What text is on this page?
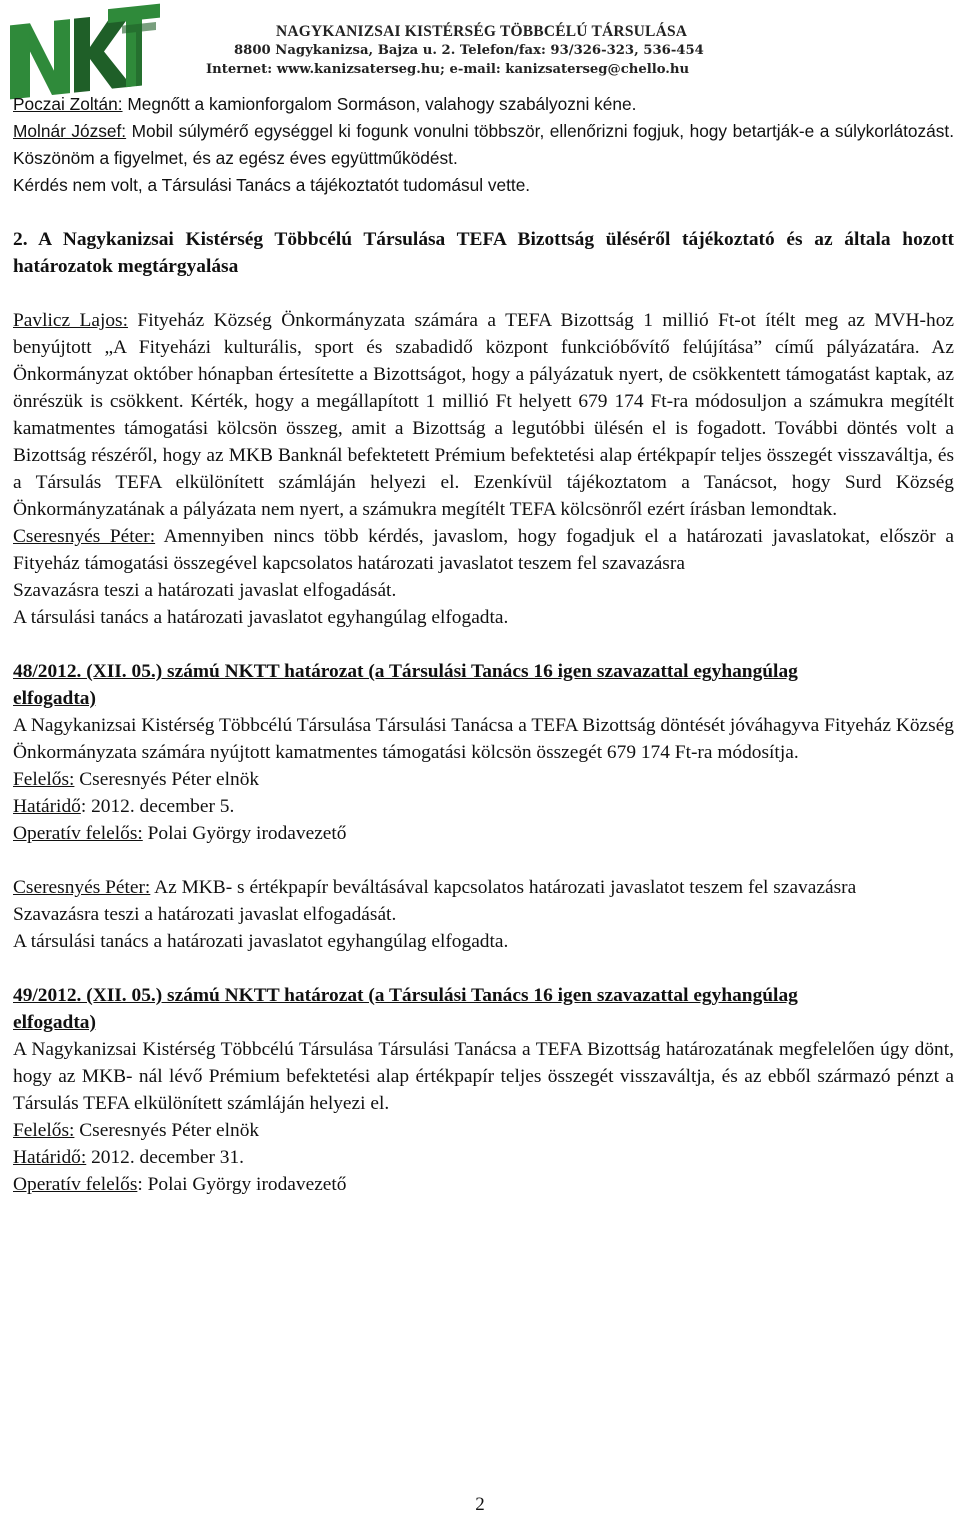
NKTT
NAGYKANIZSAI KISTÉRSÉG TÖBBCÉLÚ TÁRSULÁSA
8800 Nagykanizsa, Bajza u. 2. Telefon/fax: 93/326-323, 536-454
Internet: www.kanizsaterseg.hu; e-mail: kanizsaterseg@chello.hu

Poczai Zoltán: Megnőtt a kamionforgalom Sormáson, valahogy szabályozni kéne.

Molnár József: Mobil súlymérő egységgel ki fogunk vonulni többször, ellenőrizni fogjuk, hogy betartják-e a súlykorlátozást. Köszönöm a figyelmet, és az egész éves együttműködést.

Kérdés nem volt, a Társulási Tanács a tájékoztatót tudomásul vette.

2. A Nagykanizsai Kistérség Többcélú Társulása TEFA Bizottság üléséről tájékoztató és az általa hozott határozatok megtárgyalása

Pavlicz Lajos: Fityeház Község Önkormányzata számára a TEFA Bizottság 1 millió Ft-ot ítélt meg az MVH-hoz benyújtott „A Fityeházi kulturális, sport és szabadidő központ funkcióbővítő felújítása” című pályázatára. Az Önkormányzat október hónapban értesítette a Bizottságot, hogy a pályázatuk nyert, de csökkentett támogatást kaptak, az önrészük is csökkent. Kérték, hogy a megállapított 1 millió Ft helyett 679 174 Ft-ra módosuljon a számukra megítélt kamatmentes támogatási kölcsön összeg, amit a Bizottság a legutóbbi ülésén el is fogadott. További döntés volt a Bizottság részéről, hogy az MKB Banknál befektetett Prémium befektetési alap értékpapír teljes összegét visszaváltja, és a Társulás TEFA elkülönített számláján helyezi el. Ezenkívül tájékoztatom a Tanácsot, hogy Surd Község Önkormányzatának a pályázata nem nyert, a számukra megítélt TEFA kölcsönről ezért írásban lemondtak.

Cseresnyés Péter: Amennyiben nincs több kérdés, javaslom, hogy fogadjuk el a határozati javaslatokat, először a Fityeház támogatási összegével kapcsolatos határozati javaslatot teszem fel szavazásra

Szavazásra teszi a határozati javaslat elfogadását.

A társulási tanács a határozati javaslatot egyhangúlag elfogadta.

48/2012. (XII. 05.) számú NKTT határozat (a Társulási Tanács 16 igen szavazattal egyhangúlag elfogadta)

A Nagykanizsai Kistérség Többcélú Társulása Társulási Tanácsa a TEFA Bizottság döntését jóváhagyva Fityeház Község Önkormányzata számára nyújtott kamatmentes támogatási kölcsön összegét 679 174 Ft-ra módosítja.

Felelős: Cseresnyés Péter elnök

Határidő: 2012. december 5.

Operatív felelős: Polai György irodavezető

Cseresnyés Péter: Az MKB- s értékpapír beváltásával kapcsolatos határozati javaslatot teszem fel szavazásra

Szavazásra teszi a határozati javaslat elfogadását.

A társulási tanács a határozati javaslatot egyhangúlag elfogadta.

49/2012. (XII. 05.) számú NKTT határozat (a Társulási Tanács 16 igen szavazattal egyhangúlag elfogadta)

A Nagykanizsai Kistérség Többcélú Társulása Társulási Tanácsa a TEFA Bizottság határozatának megfelelően úgy dönt, hogy az MKB- nál lévő Prémium befektetési alap értékpapír teljes összegét visszaváltja, és az ebből származó pénzt a Társulás TEFA elkülönített számláján helyezi el.

Felelős: Cseresnyés Péter elnök

Határidő: 2012. december 31.

Operatív felelős: Polai György irodavezető

2
